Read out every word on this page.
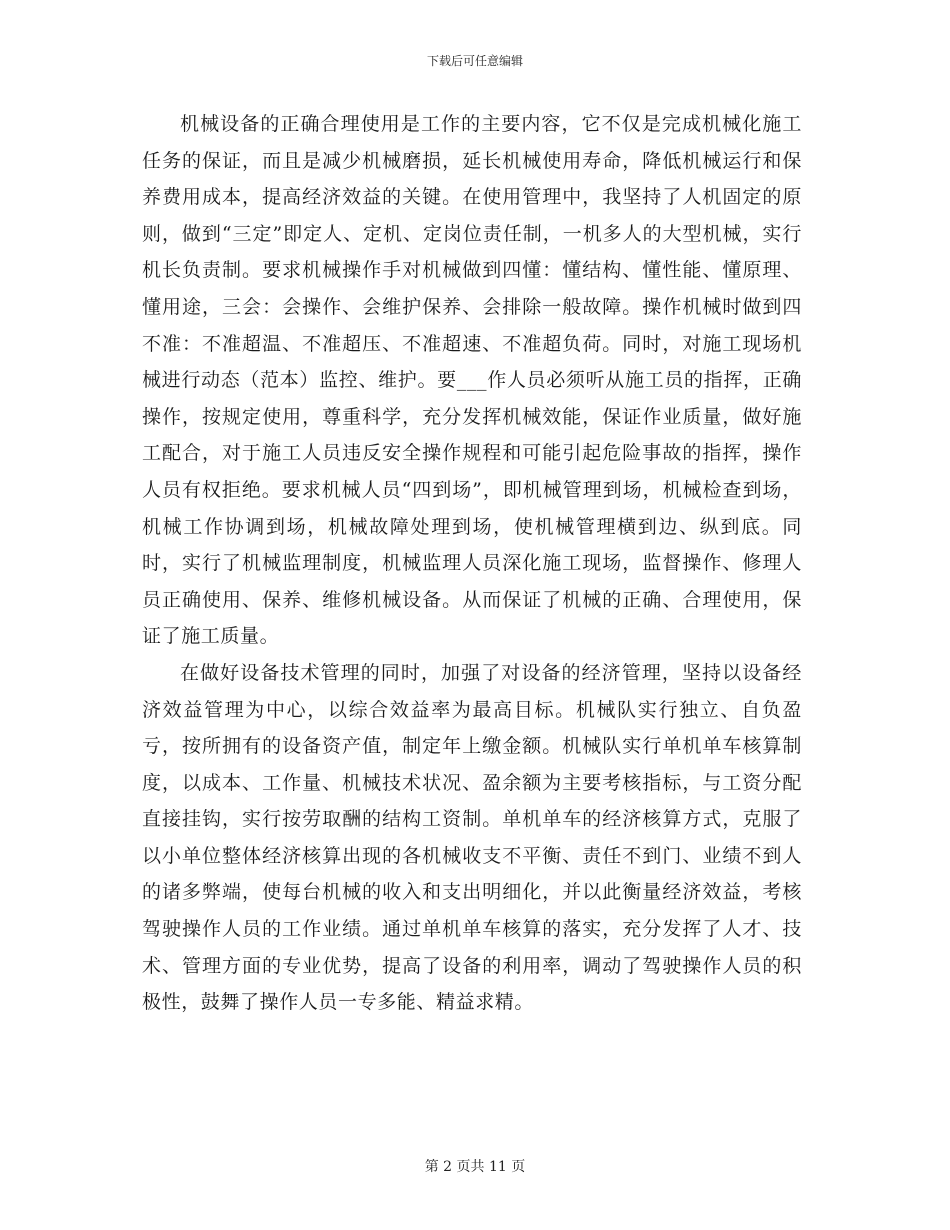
下载后可任意编辑

机械设备的正确合理使用是工作的主要内容，它不仅是完成机械化施工任务的保证，而且是减少机械磨损，延长机械使用寿命，降低机械运行和保养费用成本，提高经济效益的关键。在使用管理中，我坚持了人机固定的原则，做到“三定”即定人、定机、定岗位责任制，一机多人的大型机械，实行机长负责制。要求机械操作手对机械做到四懂：懂结构、懂性能、懂原理、懂用途，三会：会操作、会维护保养、会排除一般故障。操作机械时做到四不准：不准超温、不准超压、不准超速、不准超负荷。同时，对施工现场机械进行动态（范本）监控、维护。要___作人员必须听从施工员的指挥，正确操作，按规定使用，尊重科学，充分发挥机械效能，保证作业质量，做好施工配合，对于施工人员违反安全操作规程和可能引起危险事故的指挥，操作人员有权拒绝。要求机械人员“四到场”，即机械管理到场，机械检查到场，机械工作协调到场，机械故障处理到场，使机械管理横到边、纵到底。同时，实行了机械监理制度，机械监理人员深化施工现场，监督操作、修理人员正确使用、保养、维修机械设备。从而保证了机械的正确、合理使用，保证了施工质量。

在做好设备技术管理的同时，加强了对设备的经济管理，坚持以设备经济效益管理为中心，以综合效益率为最高目标。机械队实行独立、自负盈亏，按所拥有的设备资产值，制定年上缴金额。机械队实行单机单车核算制度，以成本、工作量、机械技术状况、盈余额为主要考核指标，与工资分配直接挂钩，实行按劳取酬的结构工资制。单机单车的经济核算方式，克服了以小单位整体经济核算出现的各机械收支不平衡、责任不到门、业绩不到人的诸多弊端，使每台机械的收入和支出明细化，并以此衡量经济效益，考核驾驶操作人员的工作业绩。通过单机单车核算的落实，充分发挥了人才、技术、管理方面的专业优势，提高了设备的利用率，调动了驾驶操作人员的积极性，鼓舞了操作人员一专多能、精益求精。

第 2 页共 11 页
